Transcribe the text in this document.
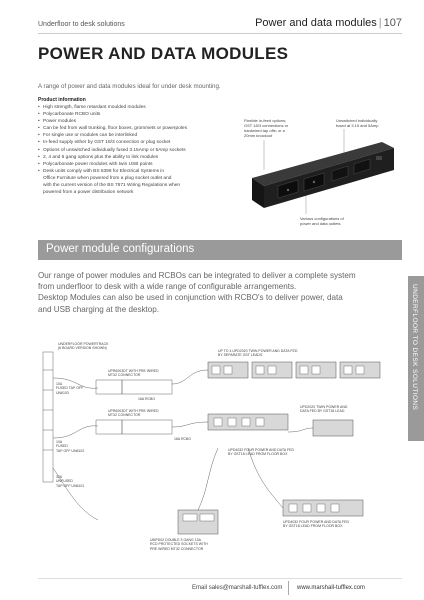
Underfloor to desk solutions	Power and data modules | 107
POWER AND DATA MODULES
A range of power and data modules ideal for under desk mounting.
Product information
• High strength, flame retardant moulded modules
• Polycarbonate RCBO units
• Power modules
• Can be fed from wall trunking, floor boxes, grommets or powerpoles
• For single use or modules can be interlinked
• In-feed supply either by GST 18/3 connection or plug socket
• Options of unswitched individually fused 3.15Amp or 5Amp sockets
• 2, 4 and 6 gang options plus the ability to link modules
• Polycarbonate power modules with twin USB points
• Desk units comply with BS 6396 for Electrical Systems in
Office Furniture when powered from a plug socket outlet and
with the current version of the BS 7671 Wiring Regulations when
powered from a power distribution network
Flexible in-feed options;
GST 18/3 connections or
hardwired tap offs; or a
20mm knockout
Unswitched individually
fused at 3.15 and 5Amp
Various configurations of
power and data outlets
Power module configurations
Our range of power modules and RCBOs can be integrated to deliver a complete system
from underfloor to desk with a wide range of configurable arrangements.
Desktop Modules can also be used in conjunction with RCBO's to deliver power, data
and USB charging at the desktop.	UNDERFLOOR TO DESK SOLUTIONS
UNDERFLOOR POWERTRACK
(6 BOARD VERSION SHOWN)
10A
FUSED TAP OFF
UN6103
10A
FUSED
TAP OFF UN6102
32A
UNFUSED
TAP OFF UN6101
UPR6003DT WITH PRE WIRED
MT32 CONNECTOR
16A RCBO
UPR6003DT WITH PRE WIRED
MT32 CONNECTOR
16A RCBO
UP TO 4 UPD2020 TWIN POWER AND DATA FED
BY SEPARATE GST LEADS
UPD2020 TWIN POWER AND
DATA FED BY GST18 LEAD
UPD4032 FOUR POWER AND DATA FED
BY GST18 LEAD FROM FLOOR BOX
UPD4032 FOUR POWER AND DATA FED
BY GST18 LEAD FROM FLOOR BOX
UMPD02 DOUBLE 3 GANG 13A
RCD PROTECTED SOCKETS WITH
PRE WIRED MT32 CONNECTOR
Email sales@marshall-tufflex.com www.marshall-tufflex.com
